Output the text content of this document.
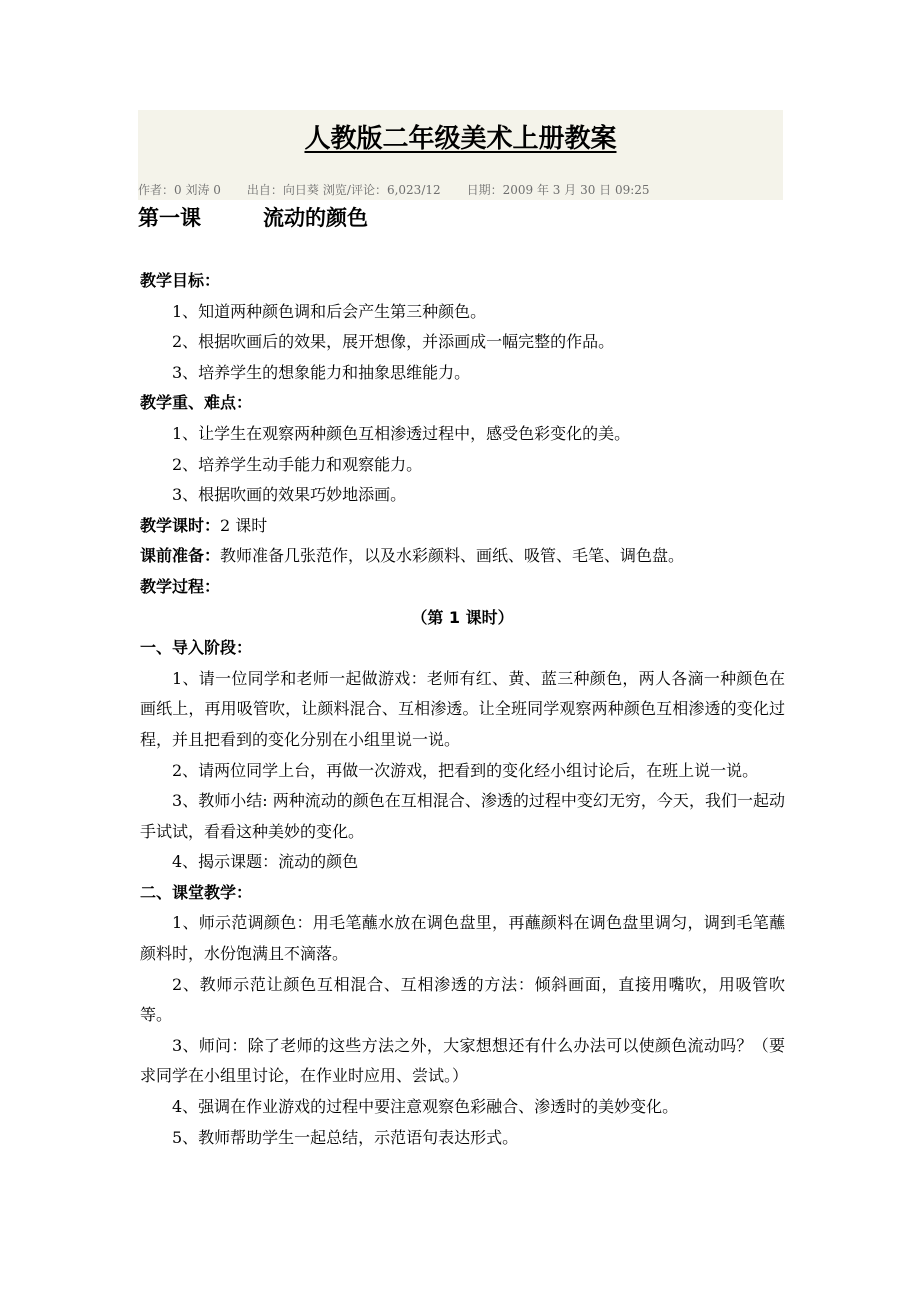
人教版二年级美术上册教案
作者：0 刘涛 0 出自：向日葵 浏览/评论：6,023/12 日期：2009 年 3 月 30 日 09:25
第一课	流动的颜色

教学目标：

1、知道两种颜色调和后会产生第三种颜色。

2、根据吹画后的效果，展开想像，并添画成一幅完整的作品。

3、培养学生的想象能力和抽象思维能力。

教学重、难点：

1、让学生在观察两种颜色互相渗透过程中，感受色彩变化的美。

2、培养学生动手能力和观察能力。

3、根据吹画的效果巧妙地添画。

教学课时：2 课时

课前准备：教师准备几张范作，以及水彩颜料、画纸、吸管、毛笔、调色盘。

教学过程：

（第 1 课时）

一、导入阶段：

1、请一位同学和老师一起做游戏：老师有红、黄、蓝三种颜色，两人各滴一种颜色在画纸上，再用吸管吹，让颜料混合、互相渗透。让全班同学观察两种颜色互相渗透的变化过程，并且把看到的变化分别在小组里说一说。

2、请两位同学上台，再做一次游戏，把看到的变化经小组讨论后，在班上说一说。

3、教师小结: 两种流动的颜色在互相混合、渗透的过程中变幻无穷，今天，我们一起动手试试，看看这种美妙的变化。

4、揭示课题：流动的颜色

二、课堂教学：

1、师示范调颜色：用毛笔蘸水放在调色盘里，再蘸颜料在调色盘里调匀，调到毛笔蘸颜料时，水份饱满且不滴落。

2、教师示范让颜色互相混合、互相渗透的方法：倾斜画面，直接用嘴吹，用吸管吹等。

3、师问：除了老师的这些方法之外，大家想想还有什么办法可以使颜色流动吗？（要求同学在小组里讨论，在作业时应用、尝试。）

4、强调在作业游戏的过程中要注意观察色彩融合、渗透时的美妙变化。

5、教师帮助学生一起总结，示范语句表达形式。
